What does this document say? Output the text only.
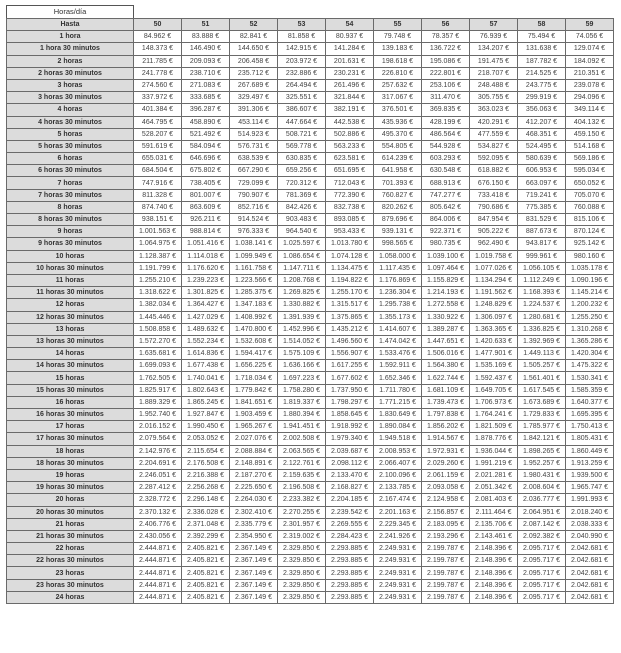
Horas/día
Hasta	50	51	52	53	54	55	56	57	58	59
1 hora	84.962 €	83.888 €	82.841 €	81.858 €	80.937 €	79.748 €	78.357 €	76.939 €	75.494 €	74.056 €
1 hora 30 minutos	148.373 €	146.490 €	144.650 €	142.915 €	141.284 €	139.183 €	136.722 €	134.207 €	131.638 €	129.074 €
2 horas	211.785 €	209.093 €	206.458 €	203.972 €	201.631 €	198.618 €	195.086 €	191.475 €	187.782 €	184.092 €
2 horas 30 minutos	241.778 €	238.710 €	235.712 €	232.886 €	230.231 €	226.810 €	222.801 €	218.707 €	214.525 €	210.351 €
3 horas	274.560 €	271.083 €	267.689 €	264.494 €	261.496 €	257.632 €	253.106 €	248.488 €	243.775 €	239.078 €
3 horas 30 minutos	337.972 €	333.685 €	329.497 €	325.551 €	321.844 €	317.067 €	311.470 €	305.755 €	299.919 €	294.096 €
4 horas	401.384 €	396.287 €	391.306 €	386.607 €	382.191 €	376.501 €	369.835 €	363.023 €	356.063 €	349.114 €
4 horas 30 minutos	464.795 €	458.890 €	453.114 €	447.664 €	442.538 €	435.936 €	428.199 €	420.291 €	412.207 €	404.132 €
5 horas	528.207 €	521.492 €	514.923 €	508.721 €	502.886 €	495.370 €	486.564 €	477.559 €	468.351 €	459.150 €
5 horas 30 minutos	591.619 €	584.094 €	576.731 €	569.778 €	563.233 €	554.805 €	544.928 €	534.827 €	524.495 €	514.168 €
6 horas	655.031 €	646.696 €	638.539 €	630.835 €	623.581 €	614.239 €	603.293 €	592.095 €	580.639 €	569.186 €
6 horas 30 minutos	684.504 €	675.802 €	667.290 €	659.256 €	651.695 €	641.958 €	630.548 €	618.882 €	606.953 €	595.034 €
7 horas	747.916 €	738.405 €	729.099 €	720.312 €	712.043 €	701.393 €	688.913 €	676.150 €	663.097 €	650.052 €
7 horas 30 minutos	811.328 €	801.007 €	790.907 €	781.369 €	772.390 €	760.827 €	747.277 €	733.418 €	719.241 €	705.070 €
8 horas	874.740 €	863.609 €	852.716 €	842.426 €	832.738 €	820.262 €	805.642 €	790.686 €	775.385 €	760.088 €
8 horas 30 minutos	938.151 €	926.211 €	914.524 €	903.483 €	893.085 €	879.696 €	864.006 €	847.954 €	831.529 €	815.106 €
9 horas	1.001.563 €	988.814 €	976.333 €	964.540 €	953.433 €	939.131 €	922.371 €	905.222 €	887.673 €	870.124 €
9 horas 30 minutos	1.064.975 €	1.051.416 €	1.038.141 €	1.025.597 €	1.013.780 €	998.565 €	980.735 €	962.490 €	943.817 €	925.142 €
10 horas	1.128.387 €	1.114.018 €	1.099.949 €	1.086.654 €	1.074.128 €	1.058.000 €	1.039.100 €	1.019.758 €	999.961 €	980.160 €
10 horas 30 minutos	1.191.799 €	1.176.620 €	1.161.758 €	1.147.711 €	1.134.475 €	1.117.435 €	1.097.464 €	1.077.026 €	1.056.105 €	1.035.178 €
11 horas	1.255.210 €	1.239.223 €	1.223.566 €	1.208.768 €	1.194.822 €	1.176.869 €	1.155.829 €	1.134.294 €	1.112.249 €	1.090.196 €
11 horas 30 minutos	1.318.622 €	1.301.825 €	1.285.375 €	1.269.825 €	1.255.170 €	1.236.304 €	1.214.193 €	1.191.562 €	1.168.393 €	1.145.214 €
12 horas	1.382.034 €	1.364.427 €	1.347.183 €	1.330.882 €	1.315.517 €	1.295.738 €	1.272.558 €	1.248.829 €	1.224.537 €	1.200.232 €
12 horas 30 minutos	1.445.446 €	1.427.029 €	1.408.992 €	1.391.939 €	1.375.865 €	1.355.173 €	1.330.922 €	1.306.097 €	1.280.681 €	1.255.250 €
13 horas	1.508.858 €	1.489.632 €	1.470.800 €	1.452.996 €	1.435.212 €	1.414.607 €	1.389.287 €	1.363.365 €	1.336.825 €	1.310.268 €
13 horas 30 minutos	1.572.270 €	1.552.234 €	1.532.608 €	1.514.052 €	1.496.560 €	1.474.042 €	1.447.651 €	1.420.633 €	1.392.969 €	1.365.286 €
14 horas	1.635.681 €	1.614.836 €	1.594.417 €	1.575.109 €	1.556.907 €	1.533.476 €	1.506.016 €	1.477.901 €	1.449.113 €	1.420.304 €
14 horas 30 minutos	1.699.093 €	1.677.438 €	1.656.225 €	1.636.166 €	1.617.255 €	1.592.911 €	1.564.380 €	1.535.169 €	1.505.257 €	1.475.322 €
15 horas	1.762.505 €	1.740.041 €	1.718.034 €	1.697.223 €	1.677.602 €	1.652.346 €	1.622.744 €	1.592.437 €	1.561.401 €	1.530.341 €
15 horas 30 minutos	1.825.917 €	1.802.643 €	1.779.842 €	1.758.280 €	1.737.950 €	1.711.780 €	1.681.109 €	1.649.705 €	1.617.545 €	1.585.359 €
16 horas	1.889.329 €	1.865.245 €	1.841.651 €	1.819.337 €	1.798.297 €	1.771.215 €	1.739.473 €	1.706.973 €	1.673.689 €	1.640.377 €
16 horas 30 minutos	1.952.740 €	1.927.847 €	1.903.459 €	1.880.394 €	1.858.645 €	1.830.649 €	1.797.838 €	1.764.241 €	1.729.833 €	1.695.395 €
17 horas	2.016.152 €	1.990.450 €	1.965.267 €	1.941.451 €	1.918.992 €	1.890.084 €	1.856.202 €	1.821.509 €	1.785.977 €	1.750.413 €
17 horas 30 minutos	2.079.564 €	2.053.052 €	2.027.076 €	2.002.508 €	1.979.340 €	1.949.518 €	1.914.567 €	1.878.776 €	1.842.121 €	1.805.431 €
18 horas	2.142.976 €	2.115.654 €	2.088.884 €	2.063.565 €	2.039.687 €	2.008.953 €	1.972.931 €	1.936.044 €	1.898.265 €	1.860.449 €
18 horas 30 minutos	2.204.691 €	2.176.508 €	2.148.891 €	2.122.761 €	2.098.112 €	2.066.407 €	2.029.260 €	1.991.219 €	1.952.257 €	1.913.259 €
19 horas	2.246.051 €	2.216.388 €	2.187.270 €	2.159.635 €	2.133.470 €	2.100.096 €	2.061.159 €	2.021.281 €	1.980.431 €	1.939.500 €
19 horas 30 minutos	2.287.412 €	2.256.268 €	2.225.650 €	2.196.508 €	2.168.827 €	2.133.785 €	2.093.058 €	2.051.342 €	2.008.604 €	1.965.747 €
20 horas	2.328.772 €	2.296.148 €	2.264.030 €	2.233.382 €	2.204.185 €	2.167.474 €	2.124.958 €	2.081.403 €	2.036.777 €	1.991.993 €
20 horas 30 minutos	2.370.132 €	2.336.028 €	2.302.410 €	2.270.255 €	2.239.542 €	2.201.163 €	2.156.857 €	2.111.464 €	2.064.951 €	2.018.240 €
21 horas	2.406.776 €	2.371.048 €	2.335.779 €	2.301.957 €	2.269.555 €	2.229.345 €	2.183.095 €	2.135.706 €	2.087.142 €	2.038.333 €
21 horas 30 minutos	2.430.056 €	2.392.299 €	2.354.950 €	2.319.002 €	2.284.423 €	2.241.926 €	2.193.296 €	2.143.461 €	2.092.382 €	2.040.990 €
22 horas	2.444.871 €	2.405.821 €	2.367.149 €	2.329.850 €	2.293.885 €	2.249.931 €	2.199.787 €	2.148.396 €	2.095.717 €	2.042.681 €
22 horas 30 minutos	2.444.871 €	2.405.821 €	2.367.149 €	2.329.850 €	2.293.885 €	2.249.931 €	2.199.787 €	2.148.396 €	2.095.717 €	2.042.681 €
23 horas	2.444.871 €	2.405.821 €	2.367.149 €	2.329.850 €	2.293.885 €	2.249.931 €	2.199.787 €	2.148.396 €	2.095.717 €	2.042.681 €
23 horas 30 minutos	2.444.871 €	2.405.821 €	2.367.149 €	2.329.850 €	2.293.885 €	2.249.931 €	2.199.787 €	2.148.396 €	2.095.717 €	2.042.681 €
24 horas	2.444.871 €	2.405.821 €	2.367.149 €	2.329.850 €	2.293.885 €	2.249.931 €	2.199.787 €	2.148.396 €	2.095.717 €	2.042.681 €
